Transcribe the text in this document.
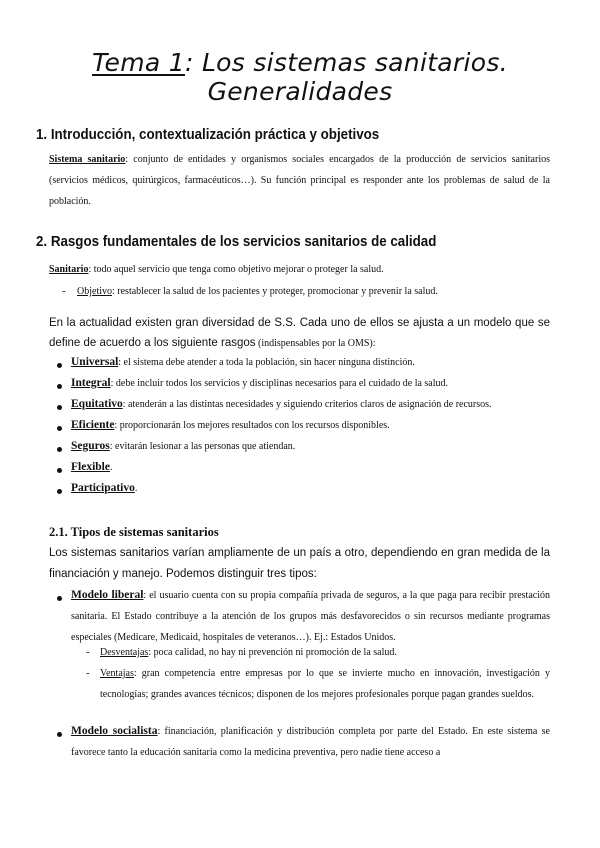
Tema 1: Los sistemas sanitarios. Generalidades
1. Introducción, contextualización práctica y objetivos
Sistema sanitario: conjunto de entidades y organismos sociales encargados de la producción de servicios sanitarios (servicios médicos, quirúrgicos, farmacéuticos…). Su función principal es responder ante los problemas de salud de la población.
2. Rasgos fundamentales de los servicios sanitarios de calidad
Sanitario: todo aquel servicio que tenga como objetivo mejorar o proteger la salud.
- Objetivo: restablecer la salud de los pacientes y proteger, promocionar y prevenir la salud.
En la actualidad existen gran diversidad de S.S. Cada uno de ellos se ajusta a un modelo que se define de acuerdo a los siguiente rasgos (indispensables por la OMS):
Universal: el sistema debe atender a toda la población, sin hacer ninguna distinción.
Integral: debe incluir todos los servicios y disciplinas necesarios para el cuidado de la salud.
Equitativo: atenderán a las distintas necesidades y siguiendo criterios claros de asignación de recursos.
Eficiente: proporcionarán los mejores resultados con los recursos disponibles.
Seguros: evitarán lesionar a las personas que atiendan.
Flexible.
Participativo.
2.1. Tipos de sistemas sanitarios
Los sistemas sanitarios varían ampliamente de un país a otro, dependiendo en gran medida de la financiación y manejo. Podemos distinguir tres tipos:
Modelo liberal: el usuario cuenta con su propia compañía privada de seguros, a la que paga para recibir prestación sanitaria. El Estado contribuye a la atención de los grupos más desfavorecidos o sin recursos mediante programas especiales (Medicare, Medicaid, hospitales de veteranos…). Ej.: Estados Unidos.
- Desventajas: poca calidad, no hay ni prevención ni promoción de la salud.
- Ventajas: gran competencia entre empresas por lo que se invierte mucho en innovación, investigación y tecnologías; grandes avances técnicos; disponen de los mejores profesionales porque pagan grandes sueldos.
Modelo socialista: financiación, planificación y distribución completa por parte del Estado. En este sistema se favorece tanto la educación sanitaria como la medicina preventiva, pero nadie tiene acceso a
